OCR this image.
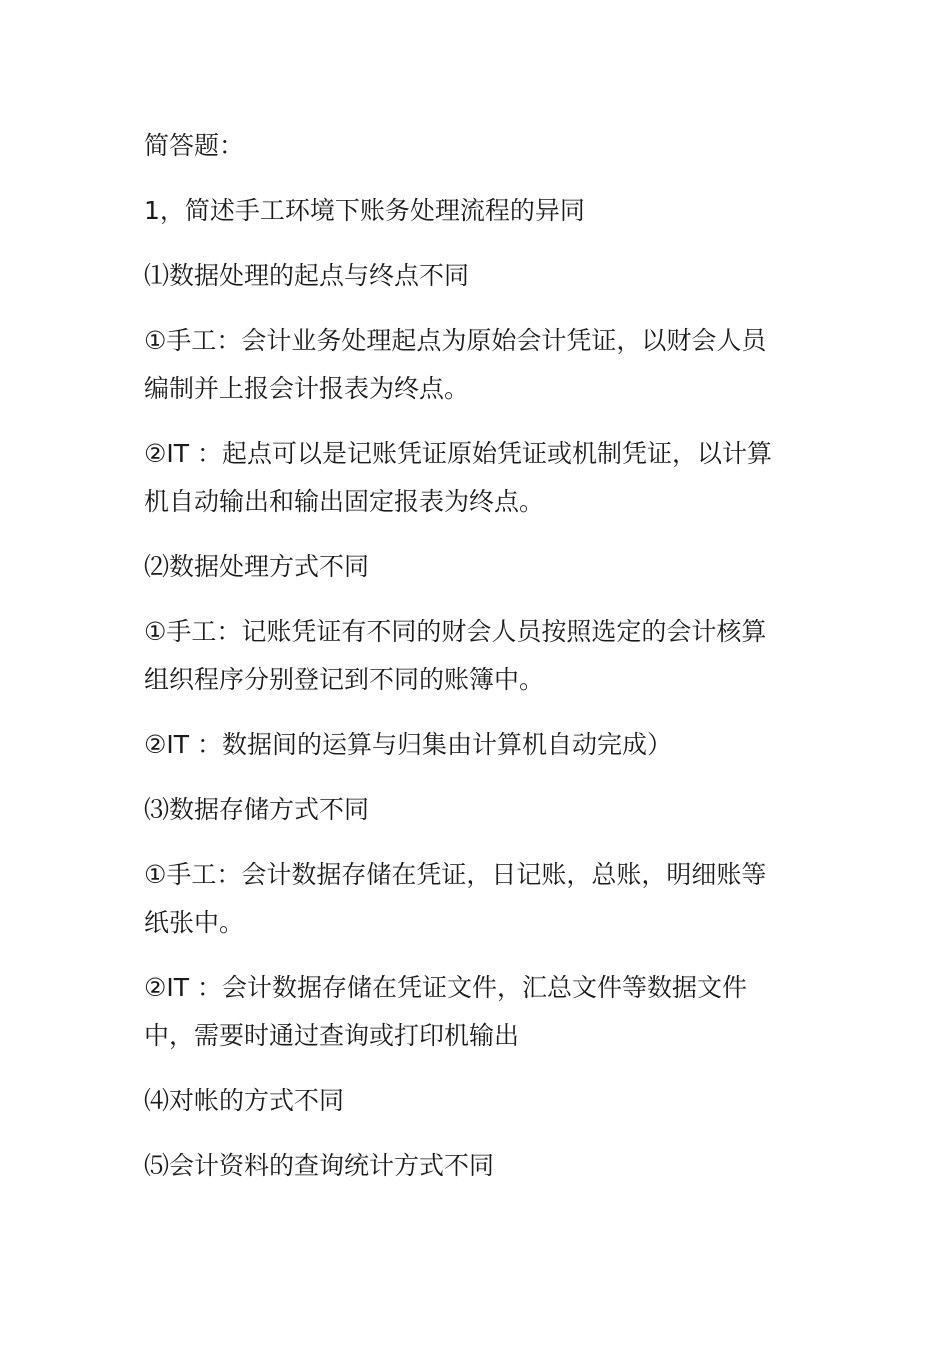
简答题：

1，简述手工环境下账务处理流程的异同

⑴数据处理的起点与终点不同

①手工：会计业务处理起点为原始会计凭证，以财会人员编制并上报会计报表为终点。

②IT ：起点可以是记账凭证原始凭证或机制凭证，以计算机自动输出和输出固定报表为终点。

⑵数据处理方式不同

①手工：记账凭证有不同的财会人员按照选定的会计核算组织程序分别登记到不同的账簿中。

②IT ：数据间的运算与归集由计算机自动完成）

⑶数据存储方式不同

①手工：会计数据存储在凭证，日记账，总账，明细账等纸张中。

②IT ：会计数据存储在凭证文件，汇总文件等数据文件中，需要时通过查询或打印机输出

⑷对帐的方式不同

⑸会计资料的查询统计方式不同
